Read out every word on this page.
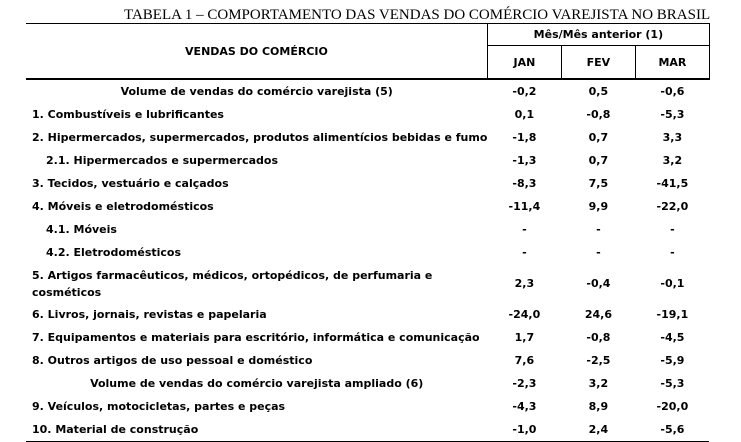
TABELA 1 – COMPORTAMENTO DAS VENDAS DO COMÉRCIO VAREJISTA NO BRASIL
VENDAS DO COMÉRCIO	Mês/Mês anterior (1)		
	JAN	FEV	MAR
Volume de vendas do comércio varejista (5)	-0,2	0,5	-0,6
1. Combustíveis e lubrificantes	0,1	-0,8	-5,3
2. Hipermercados, supermercados, produtos alimentícios bebidas e fumo	-1,8	0,7	3,3
2.1. Hipermercados e supermercados	-1,3	0,7	3,2
3. Tecidos, vestuário e calçados	-8,3	7,5	-41,5
4. Móveis e eletrodomésticos	-11,4	9,9	-22,0
4.1. Móveis	-	-	-
4.2. Eletrodomésticos	-	-	-
5. Artigos farmacêuticos, médicos, ortopédicos, de perfumaria e cosméticos	2,3	-0,4	-0,1
6. Livros, jornais, revistas e papelaria	-24,0	24,6	-19,1
7. Equipamentos e materiais para escritório, informática e comunicação	1,7	-0,8	-4,5
8. Outros artigos de uso pessoal e doméstico	7,6	-2,5	-5,9
Volume de vendas do comércio varejista ampliado (6)	-2,3	3,2	-5,3
9. Veículos, motocicletas, partes e peças	-4,3	8,9	-20,0
10. Material de construção	-1,0	2,4	-5,6
